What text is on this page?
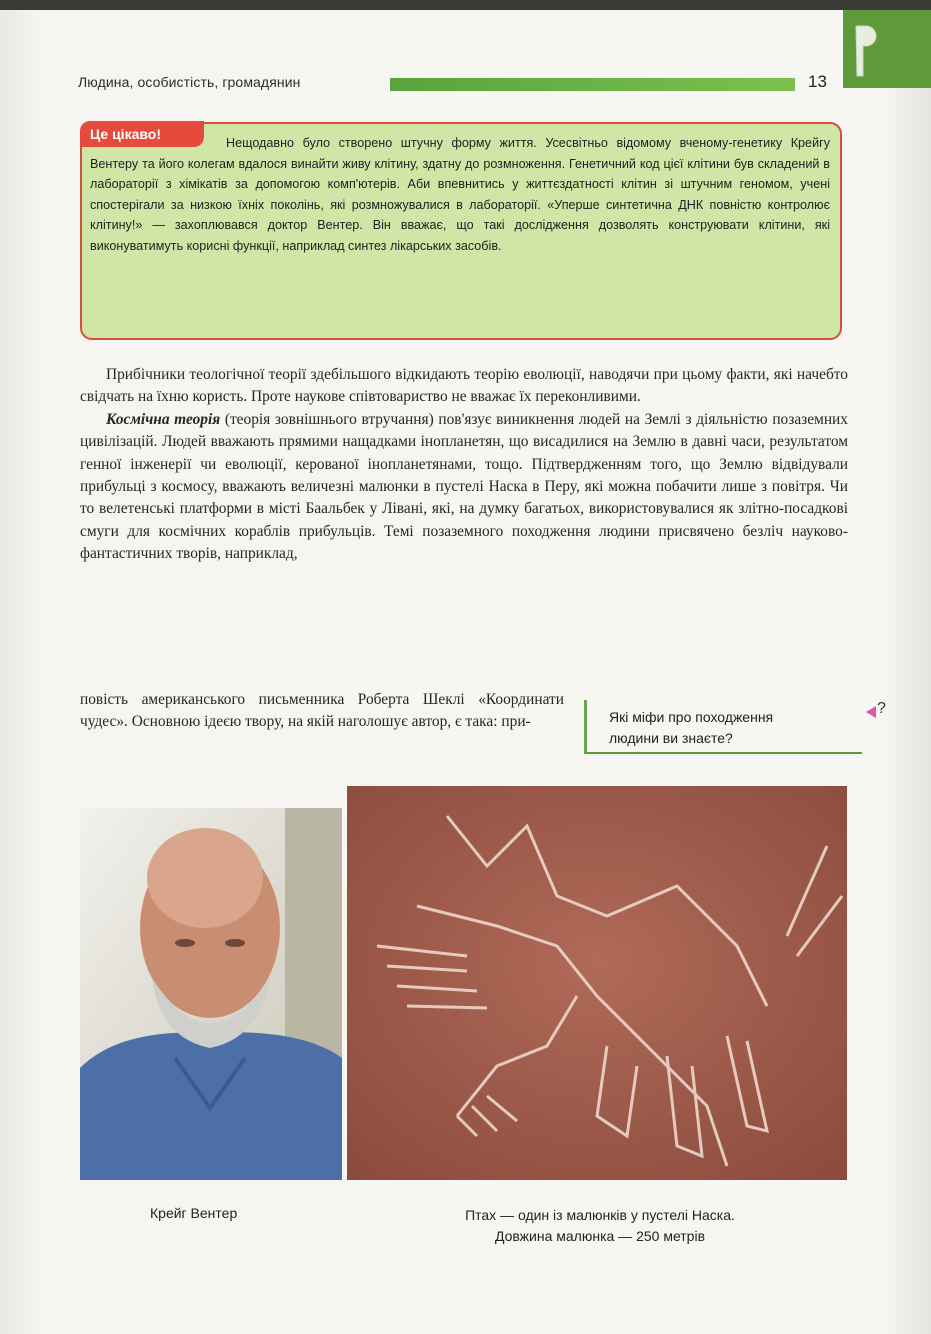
Людина, особистість, громадянин	13
Це цікаво!
Нещодавно було створено штучну форму життя. Усесвітньо відомому вченому-генетику Крейгу Вентеру та його колегам вдалося винайти живу клітину, здатну до розмноження. Генетичний код цієї клітини був складений в лабораторії з хімікатів за допомогою комп'ютерів. Аби впевнитись у життєздатності клітин зі штучним геномом, учені спостерігали за низкою їхніх поколінь, які розмножувалися в лабораторії. «Уперше синтетична ДНК повністю контролює клітину!» — захоплювався доктор Вентер. Він вважає, що такі дослідження дозволять конструювати клітини, які виконуватимуть корисні функції, наприклад синтез лікарських засобів.

Прибічники теологічної теорії здебільшого відкидають теорію еволюції, наводячи при цьому факти, які начебто свідчать на їхню користь. Проте наукове співтовариство не вважає їх переконливими.

Космічна теорія (теорія зовнішнього втручання) пов'язує виникнення людей на Землі з діяльністю позаземних цивілізацій. Людей вважають прямими нащадками інопланетян, що висадилися на Землю в давні часи, результатом генної інженерії чи еволюції, керованої інопланетянами, тощо. Підтвердженням того, що Землю відвідували прибульці з космосу, вважають величезні малюнки в пустелі Наска в Перу, які можна побачити лише з повітря. Чи то велетенські платформи в місті Баальбек у Лівані, які, на думку багатьох, використовувалися як злітно-посадкові смуги для космічних кораблів прибульців. Темі позаземного походження людини присвячено безліч науково-фантастичних творів, наприклад,

повість американського письменника Роберта Шеклі «Координати чудес». Основною ідеєю твору, на якій наголошує автор, є така: при-	Які міфи про походження
людини ви знаєте?
?
Крейг Вентер	Птах — один із малюнків у пустелі Наска.
Довжина малюнка — 250 метрів
